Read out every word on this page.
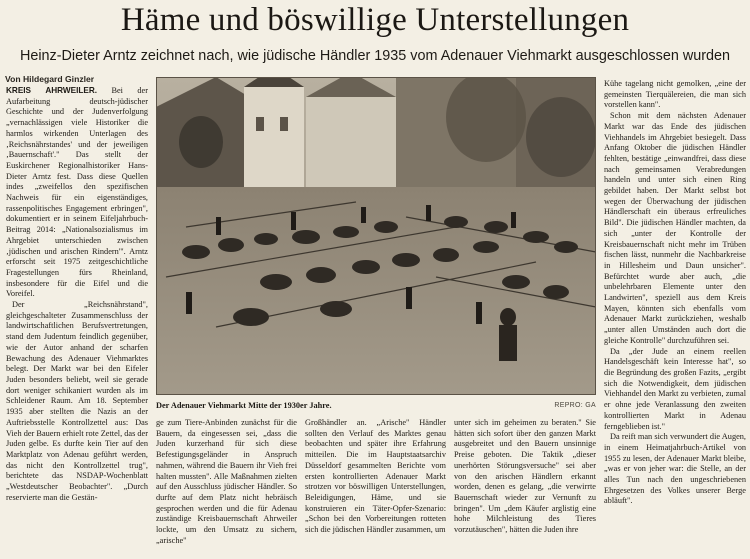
Häme und böswillige Unterstellungen

Heinz-Dieter Arntz zeichnet nach, wie jüdische Händler 1935 vom Adenauer Viehmarkt ausgeschlossen wurden

Von Hildegard Ginzler

KREIS AHRWEILER. Bei der Aufarbeitung deutsch-jüdischer Geschichte und der Judenverfolgung „vernachlässigen viele Historiker die harmlos wirkenden Unterlagen des ‚Reichsnährstandes' und der jeweiligen ‚Bauernschaft'." Das stellt der Euskirchener Regionalhistoriker Hans-Dieter Arntz fest. Dass diese Quellen indes „zweifellos den spezifischen Nachweis für ein eigenständiges, rassenpolitisches Engagement erbringen", dokumentiert er in seinem Eifeljahrbuch-Beitrag 2014: „Nationalsozialismus im Ahrgebiet unterschieden zwischen ‚jüdischen und arischen Rindern'". Arntz erforscht seit 1975 zeitgeschichtliche Fragestellungen fürs Rheinland, insbesondere für die Eifel und die Voreifel.

Der „Reichsnährstand", gleichgeschalteter Zusammenschluss der landwirtschaftlichen Berufsvertretungen, stand dem Judentum feindlich gegenüber, wie der Autor anhand der scharfen Bewachung des Adenauer Viehmarktes belegt. Der Markt war bei den Eifeler Juden besonders beliebt, weil sie gerade dort weniger schikaniert wurden als im Schleidener Raum. Am 18. September 1935 aber stellten die Nazis an der Auftriebsstelle Kontrollzettel aus: Das Vieh der Bauern erhielt rote Zettel, das der Juden gelbe. Es durfte kein Tier auf den Marktplatz von Adenau geführt werden, das nicht den Kontrollzettel trug", berichtete das NSDAP-Wochenblatt „Westdeutscher Beobachter". „Durch reservierte man die Gestän-

Der Adenauer Viehmarkt Mitte der 1930er Jahre.	REPRO: GA

ge zum Tiere-Anbinden zunächst für die Bauern, da eingesessen sei, „dass die Juden kurzerhand für sich diese Befestigungsgeländer in Anspruch nahmen, während die Bauern ihr Vieh frei halten mussten". Alle Maßnahmen zielten auf den Ausschluss jüdischer Händler. So durfte auf dem Platz nicht hebräisch gesprochen werden und die für Adenau zuständige Kreisbauernschaft Ahrweiler lockte, um den Umsatz zu sichern, „arische"

Großhändler an. „Arische" Händler sollten den Verlauf des Marktes genau beobachten und später ihre Erfahrung mitteilen. Die im Hauptstaatsarchiv Düsseldorf gesammelten Berichte vom ersten kontrollierten Adenauer Markt strotzen vor böswilligen Unterstellungen, Beleidigungen, Häme, und sie konstruieren ein Täter-Opfer-Szenario: „Schon bei den Vorbereitungen rotteten sich die jüdischen Händler zusammen, um

unter sich im geheimen zu beraten." Sie hätten sich sofort über den ganzen Markt ausgebreitet und den Bauern unsinnige Preise geboten. Die Taktik „dieser unerhörten Störungsversuche" sei aber von den arischen Händlern erkannt worden, denen es gelang, „die verwirrte Bauernschaft wieder zur Vernunft zu bringen". Um „dem Käufer arglistig eine hohe Milchleistung des Tieres vorzutäuschen", hätten die Juden ihre

Kühe tagelang nicht gemolken, „eine der gemeinsten Tierquälereien, die man sich vorstellen kann".

Schon mit dem nächsten Adenauer Markt war das Ende des jüdischen Viehhandels im Ahrgebiet besiegelt. Dass Anfang Oktober die jüdischen Händler fehlten, bestätige „einwandfrei, dass diese nach gemeinsamen Verabredungen handeln und unter sich einen Ring gebildet haben. Der Markt selbst bot wegen der Überwachung der jüdischen Händlerschaft ein überaus erfreuliches Bild". Die jüdischen Händler machten, da sich „unter der Kontrolle der Kreisbauernschaft nicht mehr im Trüben fischen lässt, nunmehr die Nachbarkreise in Hillesheim und Daun unsicher". Befürchtet wurde aber auch, „die unbelehrbaren Elemente unter den Landwirten", speziell aus dem Kreis Mayen, könnten sich ebenfalls vom Adenauer Markt zurückziehen, weshalb „unter allen Umständen auch dort die gleiche Kontrolle" durchzuführen sei.

Da „der Jude an einem reellen Handelsgeschäft kein Interesse hat", so die Begründung des großen Fazits, „ergibt sich die Notwendigkeit, dem jüdischen Viehhandel den Markt zu verbieten, zumal er ohne jede Veranlassung den zweiten kontrollierten Markt in Adenau ferngeblieben ist."

Da reift man sich verwundert die Augen, in einem Heimatjahrbuch-Artikel von 1955 zu lesen, der Adenauer Markt bleibe, „was er von jeher war: die Stelle, an der alles Tun nach den ungeschriebenen Ehrgesetzen des Volkes unserer Berge abläuft".
